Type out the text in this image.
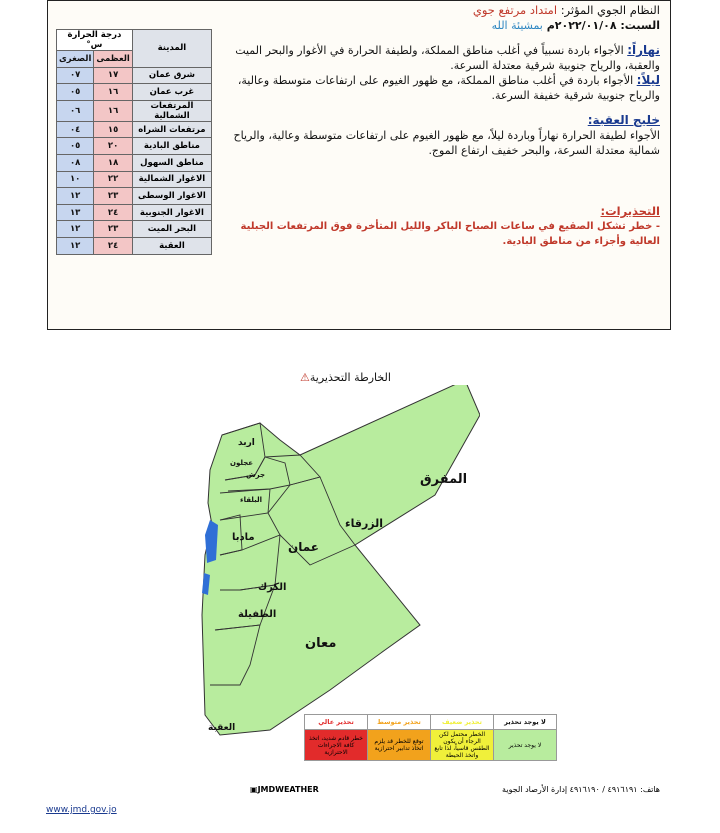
النظام الجوي المؤثر: امتداد مرتفع جوي

السبت: ٢٠٢٢/٠١/٠٨م بمشيئة الله

نهاراً: الأجواء باردة نسبياً في أغلب مناطق المملكة، ولطيفة الحرارة في الأغوار والبحر الميت والعقبة، والرياح جنوبية شرقية معتدلة السرعة.

ليلاً: الأجواء باردة في أغلب مناطق المملكة، مع ظهور الغيوم على ارتفاعات متوسطة وعالية، والرياح جنوبية شرقية خفيفة السرعة.

خليج العقبة:

الأجواء لطيفة الحرارة نهاراً وباردة ليلاً، مع ظهور الغيوم على ارتفاعات متوسطة وعالية، والرياح شمالية معتدلة السرعة، والبحر خفيف ارتفاع الموج.

التحذيرات:

- خطر تشكل الصقيع في ساعات الصباح الباكر والليل المتأخرة فوق المرتفعات الجبلية العالية وأجزاء من مناطق البادية.

المدينة	درجة الحرارة س°	
	العظمى	الصغرى
شرق عمان	١٧	٠٧
غرب عمان	١٦	٠٥
المرتفعات الشمالية	١٦	٠٦
مرتفعات الشراه	١٥	٠٤
مناطق البادية	٢٠	٠٥
مناطق السهول	١٨	٠٨
الاغوار الشمالية	٢٢	١٠
الاغوار الوسطى	٢٣	١٢
الاغوار الجنوبية	٢٤	١٣
البحر الميت	٢٣	١٢
العقبة	٢٤	١٢
الخارطة التحذيرية⚠
اربد
عجلون
جرش
البلقاء
المفرق
الزرقاء
عمان
مادبا
الكرك
الطفيلة
معان
العقبة
لا يوجد تحذير	تحذير ضعيف	تحذير متوسط	تحذير عالي
لا يوجد تحذير	الخطر محتمل لكن الرجاء أن يكون الطقس قاسياً، لذا تابع واتخذ الحيطة	توقع للخطر قد يلزم اتخاذ تدابير احترازية	خطر قادم شديد، اتخذ كافة الاجراءات الاحترازية
هاتف: ٤٩١٦١٩١ / ٤٩١٦١٩٠ إدارة الأرصاد الجوية
▣JMDWEATHER
www.jmd.gov.jo
